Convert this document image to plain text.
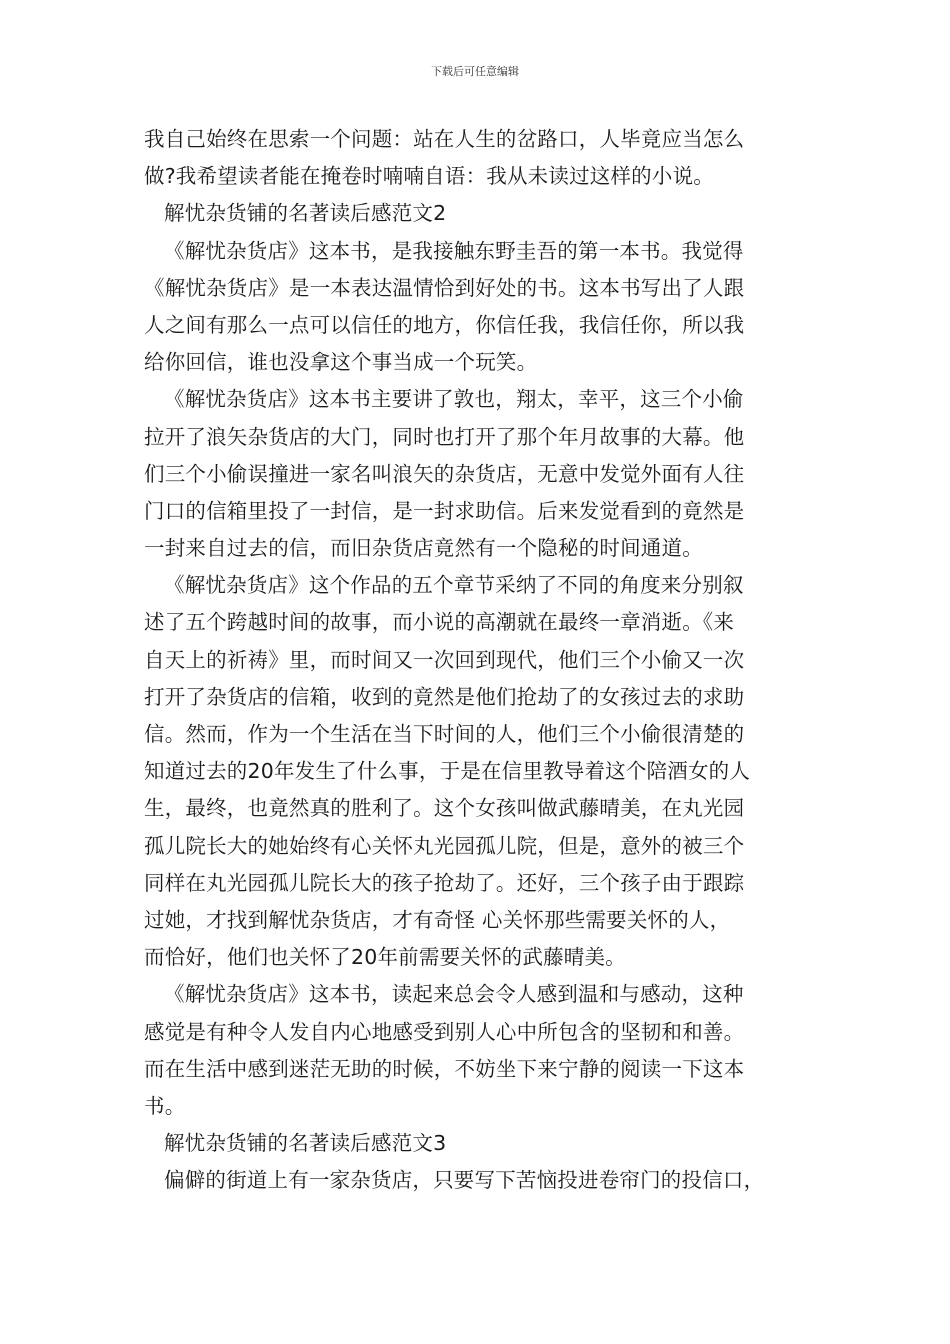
下载后可任意编辑
我自己始终在思索一个问题：站在人生的岔路口，人毕竟应当怎么
做?我希望读者能在掩卷时喃喃自语：我从未读过这样的小说。
解忧杂货铺的名著读后感范文2
《解忧杂货店》这本书，是我接触东野圭吾的第一本书。我觉得
《解忧杂货店》是一本表达温情恰到好处的书。这本书写出了人跟
人之间有那么一点可以信任的地方，你信任我，我信任你，所以我
给你回信，谁也没拿这个事当成一个玩笑。
《解忧杂货店》这本书主要讲了敦也，翔太，幸平，这三个小偷
拉开了浪矢杂货店的大门，同时也打开了那个年月故事的大幕。他
们三个小偷误撞进一家名叫浪矢的杂货店，无意中发觉外面有人往
门口的信箱里投了一封信，是一封求助信。后来发觉看到的竟然是
一封来自过去的信，而旧杂货店竟然有一个隐秘的时间通道。
《解忧杂货店》这个作品的五个章节采纳了不同的角度来分别叙
述了五个跨越时间的故事，而小说的高潮就在最终一章消逝。《来
自天上的祈祷》里，而时间又一次回到现代，他们三个小偷又一次
打开了杂货店的信箱，收到的竟然是他们抢劫了的女孩过去的求助
信。然而，作为一个生活在当下时间的人，他们三个小偷很清楚的
知道过去的20年发生了什么事，于是在信里教导着这个陪酒女的人
生，最终，也竟然真的胜利了。这个女孩叫做武藤晴美，在丸光园
孤儿院长大的她始终有心关怀丸光园孤儿院，但是，意外的被三个
同样在丸光园孤儿院长大的孩子抢劫了。还好，三个孩子由于跟踪
过她，才找到解忧杂货店，才有奇怪 心关怀那些需要关怀的人，
而恰好，他们也关怀了20年前需要关怀的武藤晴美。
《解忧杂货店》这本书，读起来总会令人感到温和与感动，这种
感觉是有种令人发自内心地感受到别人心中所包含的坚韧和和善。
而在生活中感到迷茫无助的时候，不妨坐下来宁静的阅读一下这本
书。
解忧杂货铺的名著读后感范文3
偏僻的街道上有一家杂货店，只要写下苦恼投进卷帘门的投信口，
